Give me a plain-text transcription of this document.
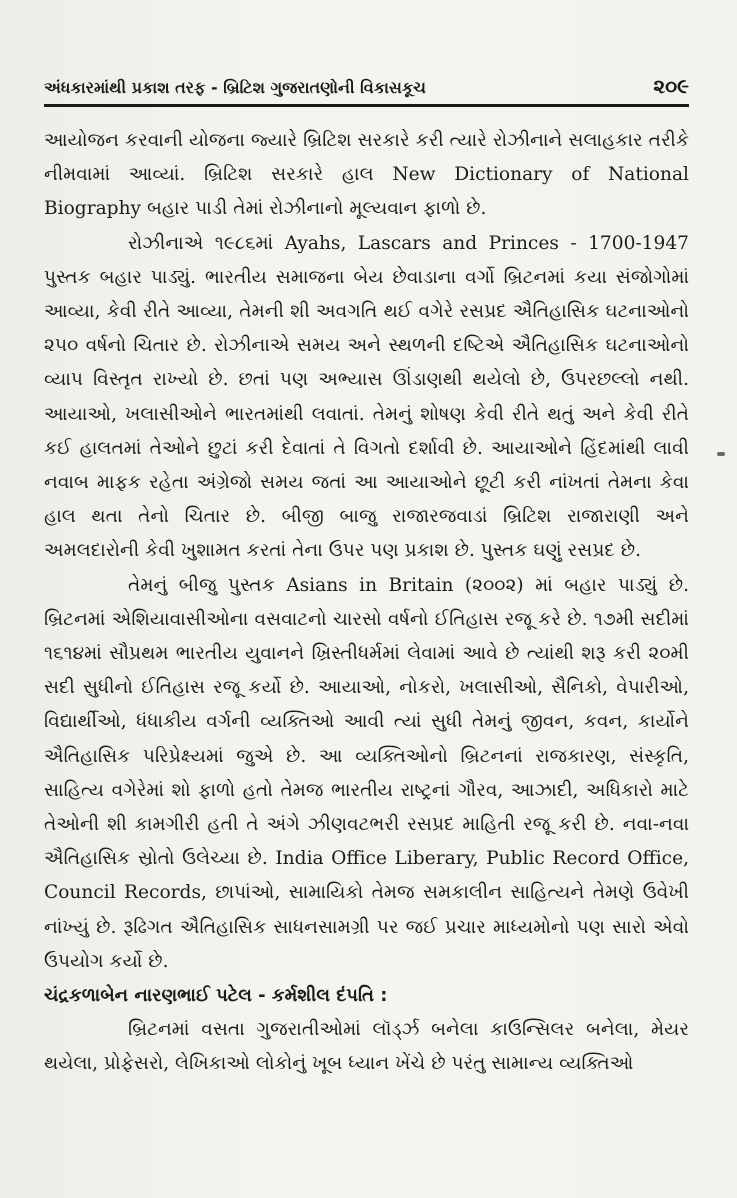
અંધકારમાંથી પ્રકાશ તરફ - બ્રિટિશ ગુજરાતણોની વિકાસકૂચ	૨૦૯

આયોજન કરવાની યોજના જ્યારે બ્રિટિશ સરકારે કરી ત્યારે રોઝીનાને સલાહકાર તરીકે નીમવામાં આવ્યાં. બ્રિટિશ સરકારે હાલ New Dictionary of National Biography બહાર પાડી તેમાં રોઝીનાનો મૂલ્યવાન ફાળો છે.

રોઝીનાએ ૧૯૮૬માં Ayahs, Lascars and Princes - 1700-1947 પુસ્તક બહાર પાડ્યું. ભારતીય સમાજના બેય છેવાડાના વર્ગો બ્રિટનમાં કયા સંજોગોમાં આવ્યા, કેવી રીતે આવ્યા, તેમની શી અવગતિ થઈ વગેરે રસપ્રદ ઐતિહાસિક ઘટનાઓનો ૨૫૦ વર્ષનો ચિતાર છે. રોઝીનાએ સમય અને સ્થળની દષ્ટિએ ઐતિહાસિક ઘટનાઓનો વ્યાપ વિસ્તૃત રાખ્યો છે. છતાં પણ અભ્યાસ ઊંડાણથી થયેલો છે, ઉપરછલ્લો નથી. આયાઓ, ખલાસીઓને ભારતમાંથી લવાતાં. તેમનું શોષણ કેવી રીતે થતું અને કેવી રીતે કઈ હાલતમાં તેઓને છુટાં કરી દેવાતાં તે વિગતો દર્શાવી છે. આયાઓને હિંદમાંથી લાવી નવાબ માફક રહેતા અંગ્રેજો સમય જતાં આ આયાઓને છૂટી કરી નાંખતાં તેમના કેવા હાલ થતા તેનો ચિતાર છે. બીજી બાજુ રાજારજવાડાં બ્રિટિશ રાજારાણી અને અમલદારોની કેવી ખુશામત કરતાં તેના ઉપર પણ પ્રકાશ છે. પુસ્તક ઘણું રસપ્રદ છે.

તેમનું બીજુ પુસ્તક Asians in Britain (૨૦૦૨) માં બહાર પાડ્યું છે. બ્રિટનમાં એશિયાવાસીઓના વસવાટનો ચારસો વર્ષનો ઈતિહાસ રજૂ કરે છે. ૧૭મી સદીમાં ૧૬૧૪માં સૌપ્રથમ ભારતીય યુવાનને ખ્રિસ્તીધર્મમાં લેવામાં આવે છે ત્યાંથી શરૂ કરી ૨૦મી સદી સુધીનો ઈતિહાસ રજૂ કર્યો છે. આયાઓ, નોકરો, ખલાસીઓ, સૈનિકો, વેપારીઓ, વિદ્યાર્થીઓ, ધંધાકીય વર્ગની વ્યક્તિઓ આવી ત્યાં સુધી તેમનું જીવન, કવન, કાર્યોને ઐતિહાસિક પરિપ્રેક્ષ્યમાં જુએ છે. આ વ્યક્તિઓનો બ્રિટનનાં રાજકારણ, સંસ્કૃતિ, સાહિત્ય વગેરેમાં શો ફાળો હતો તેમજ ભારતીય રાષ્ટ્રનાં ગૌરવ, આઝાદી, અધિકારો માટે તેઓની શી કામગીરી હતી તે અંગે ઝીણવટભરી રસપ્રદ માહિતી રજૂ કરી છે. નવા-નવા ઐતિહાસિક સ્રોતો ઉલેચ્યા છે. India Office Liberary, Public Record Office, Council Records, છાપાંઓ, સામાયિકો તેમજ સમકાલીન સાહિત્યને તેમણે ઉવેખી નાંખ્યું છે. રૂઢિગત ઐતિહાસિક સાધનસામગ્રી પર જઈ પ્રચાર માધ્યમોનો પણ સારો એવો ઉપયોગ કર્યો છે.

ચંદ્રકળાબેન નારણભાઈ પટેલ - કર્મશીલ દંપતિ :

બ્રિટનમાં વસતા ગુજરાતીઓમાં લૉર્ડ્ઝ બનેલા કાઉન્સિલર બનેલા, મેયર થયેલા, પ્રોફેસરો, લેખિકાઓ લોકોનું ખૂબ ધ્યાન ખેંચે છે પરંતુ સામાન્ય વ્યક્તિઓ
